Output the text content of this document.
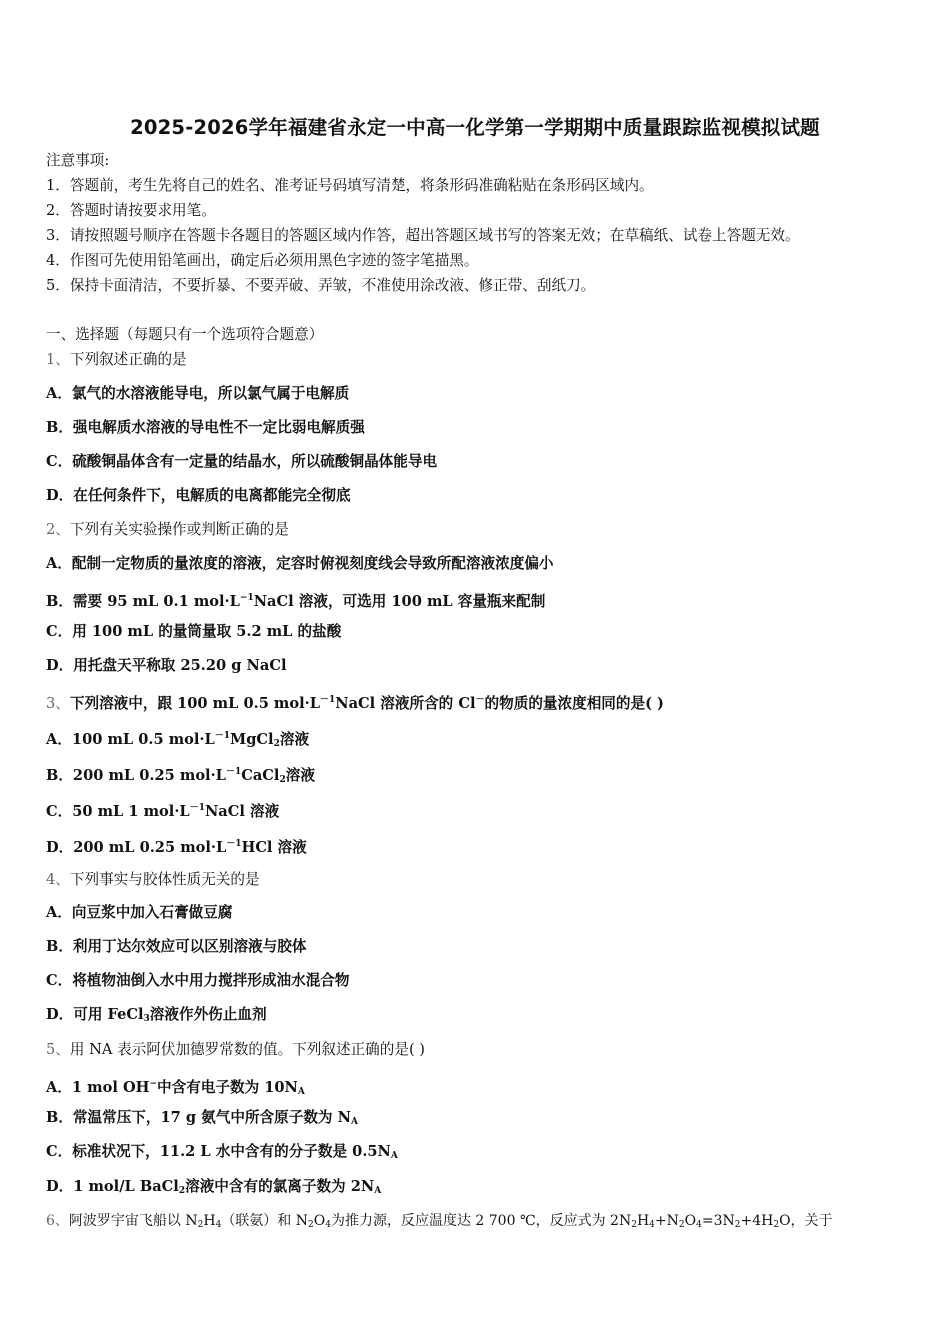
2025-2026学年福建省永定一中高一化学第一学期期中质量跟踪监视模拟试题
注意事项:
1．答题前，考生先将自己的姓名、准考证号码填写清楚，将条形码准确粘贴在条形码区域内。
2．答题时请按要求用笔。
3．请按照题号顺序在答题卡各题目的答题区域内作答，超出答题区域书写的答案无效；在草稿纸、试卷上答题无效。
4．作图可先使用铅笔画出，确定后必须用黑色字迹的签字笔描黑。
5．保持卡面清洁，不要折暴、不要弄破、弄皱，不准使用涂改液、修正带、刮纸刀。
一、选择题（每题只有一个选项符合题意）
1、下列叙述正确的是
A．氯气的水溶液能导电，所以氯气属于电解质
B．强电解质水溶液的导电性不一定比弱电解质强
C．硫酸铜晶体含有一定量的结晶水，所以硫酸铜晶体能导电
D．在任何条件下，电解质的电离都能完全彻底
2、下列有关实验操作或判断正确的是
A．配制一定物质的量浓度的溶液，定容时俯视刻度线会导致所配溶液浓度偏小
B．需要 95 mL 0.1 $mol\cdot L^{-1}NaCl$ 溶液，可选用 100 mL 容量瓶来配制
C．用 100 mL 的量筒量取 5.2 mL 的盐酸
D．用托盘天平称取 25.20 g NaCl
3、下列溶液中，跟 100 mL 0.5 $mol\cdot L^{-1}NaCl$ 溶液所含的 Cl－的物质的量浓度相同的是( )
A．100 mL 0.5 $mol\cdot L^{-1}MgCl_2$溶液
B．200 mL 0.25 $mol\cdot L^{-1}CaCl_2$溶液
C．50 mL 1 $mol\cdot L^{-1}NaCl$ 溶液
D．200 mL 0.25 $mol\cdot L^{-1}HCl$ 溶液
4、下列事实与胶体性质无关的是
A．向豆浆中加入石膏做豆腐
B．利用丁达尔效应可以区别溶液与胶体
C．将植物油倒入水中用力搅拌形成油水混合物
D．可用 FeCl$_3$溶液作外伤止血剂
5、用 NA 表示阿伏加德罗常数的值。下列叙述正确的是( )
A．1 mol OH−中含有电子数为 $10N_A$
B．常温常压下，17 g 氨气中所含原子数为 $N_A$
C．标准状况下，11.2 L 水中含有的分子数是 $0.5N_A$
D．1 mol/L BaCl$_2$溶液中含有的氯离子数为 $2N_A$
6、阿波罗宇宙飞船以 $N_2H_4$（联氨）和 $N_2O_4$为推力源，反应温度达 2 700 ℃，反应式为 $2N_2H_4+N_2O_4=3N_2+4H_2O$，关于
